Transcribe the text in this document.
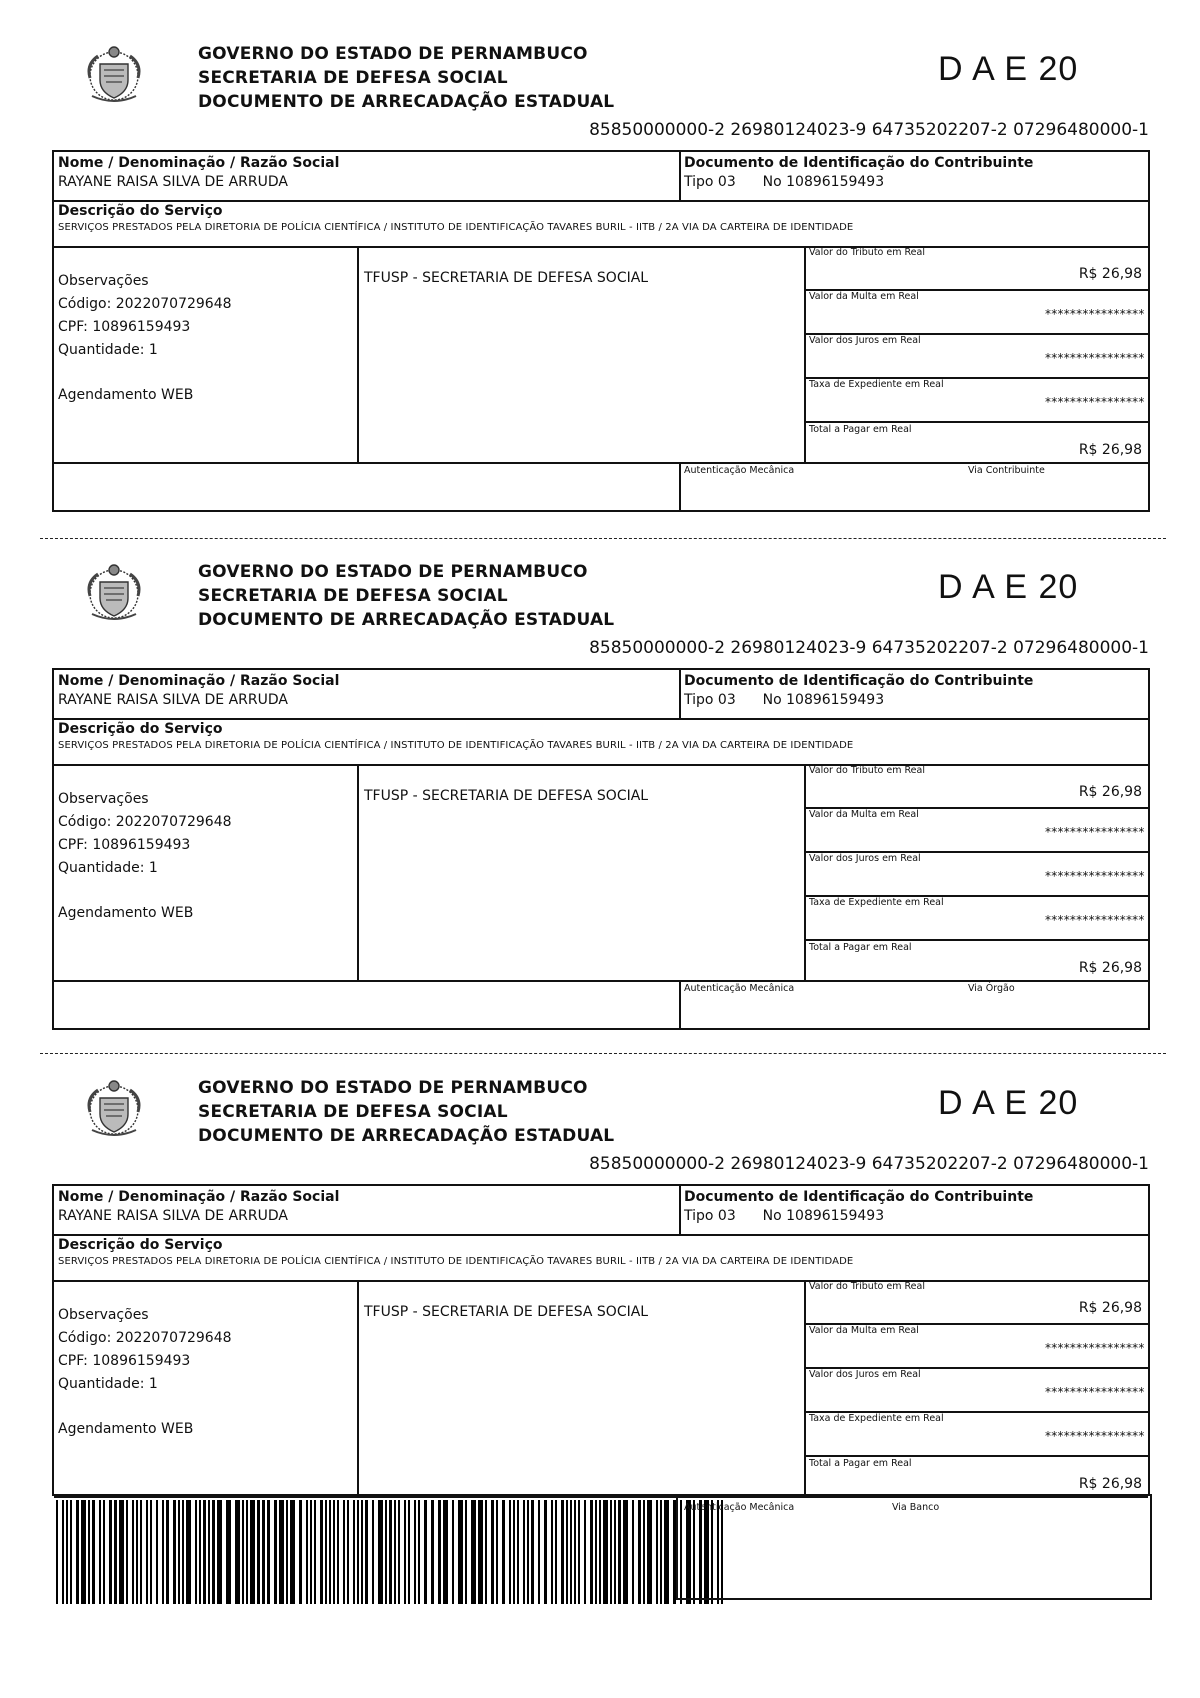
GOVERNO DO ESTADO DE PERNAMBUCO
SECRETARIA DE DEFESA SOCIAL
DOCUMENTO DE ARRECADAÇÃO ESTADUAL
D A E 20
85850000000-2 26980124023-9 64735202207-2 07296480000-1
Nome / Denominação / Razão Social
RAYANE RAISA SILVA DE ARRUDA
Documento de Identificação do Contribuinte
Tipo 03 No 10896159493
Descrição do Serviço
SERVIÇOS PRESTADOS PELA DIRETORIA DE POLÍCIA CIENTÍFICA / INSTITUTO DE IDENTIFICAÇÃO TAVARES BURIL - IITB / 2A VIA DA CARTEIRA DE IDENTIDADE
Observações
Código: 2022070729648
CPF: 10896159493
Quantidade: 1
Agendamento WEB
TFUSP - SECRETARIA DE DEFESA SOCIAL
Valor do Tributo em Real
R$ 26,98
Valor da Multa em Real
****************
Valor dos Juros em Real
****************
Taxa de Expediente em Real
****************
Total a Pagar em Real
R$ 26,98
Autenticação Mecânica	Via Contribuinte
GOVERNO DO ESTADO DE PERNAMBUCO
SECRETARIA DE DEFESA SOCIAL
DOCUMENTO DE ARRECADAÇÃO ESTADUAL
D A E 20
85850000000-2 26980124023-9 64735202207-2 07296480000-1
Nome / Denominação / Razão Social
RAYANE RAISA SILVA DE ARRUDA
Documento de Identificação do Contribuinte
Tipo 03 No 10896159493
Descrição do Serviço
SERVIÇOS PRESTADOS PELA DIRETORIA DE POLÍCIA CIENTÍFICA / INSTITUTO DE IDENTIFICAÇÃO TAVARES BURIL - IITB / 2A VIA DA CARTEIRA DE IDENTIDADE
Observações
Código: 2022070729648
CPF: 10896159493
Quantidade: 1
Agendamento WEB
TFUSP - SECRETARIA DE DEFESA SOCIAL
Valor do Tributo em Real
R$ 26,98
Valor da Multa em Real
****************
Valor dos Juros em Real
****************
Taxa de Expediente em Real
****************
Total a Pagar em Real
R$ 26,98
Autenticação Mecânica	Via Órgão
GOVERNO DO ESTADO DE PERNAMBUCO
SECRETARIA DE DEFESA SOCIAL
DOCUMENTO DE ARRECADAÇÃO ESTADUAL
D A E 20
85850000000-2 26980124023-9 64735202207-2 07296480000-1
Nome / Denominação / Razão Social
RAYANE RAISA SILVA DE ARRUDA
Documento de Identificação do Contribuinte
Tipo 03 No 10896159493
Descrição do Serviço
SERVIÇOS PRESTADOS PELA DIRETORIA DE POLÍCIA CIENTÍFICA / INSTITUTO DE IDENTIFICAÇÃO TAVARES BURIL - IITB / 2A VIA DA CARTEIRA DE IDENTIDADE
Observações
Código: 2022070729648
CPF: 10896159493
Quantidade: 1
Agendamento WEB
TFUSP - SECRETARIA DE DEFESA SOCIAL
Valor do Tributo em Real
R$ 26,98
Valor da Multa em Real
****************
Valor dos Juros em Real
****************
Taxa de Expediente em Real
****************
Total a Pagar em Real
R$ 26,98
Autenticação Mecânica	Via Banco
